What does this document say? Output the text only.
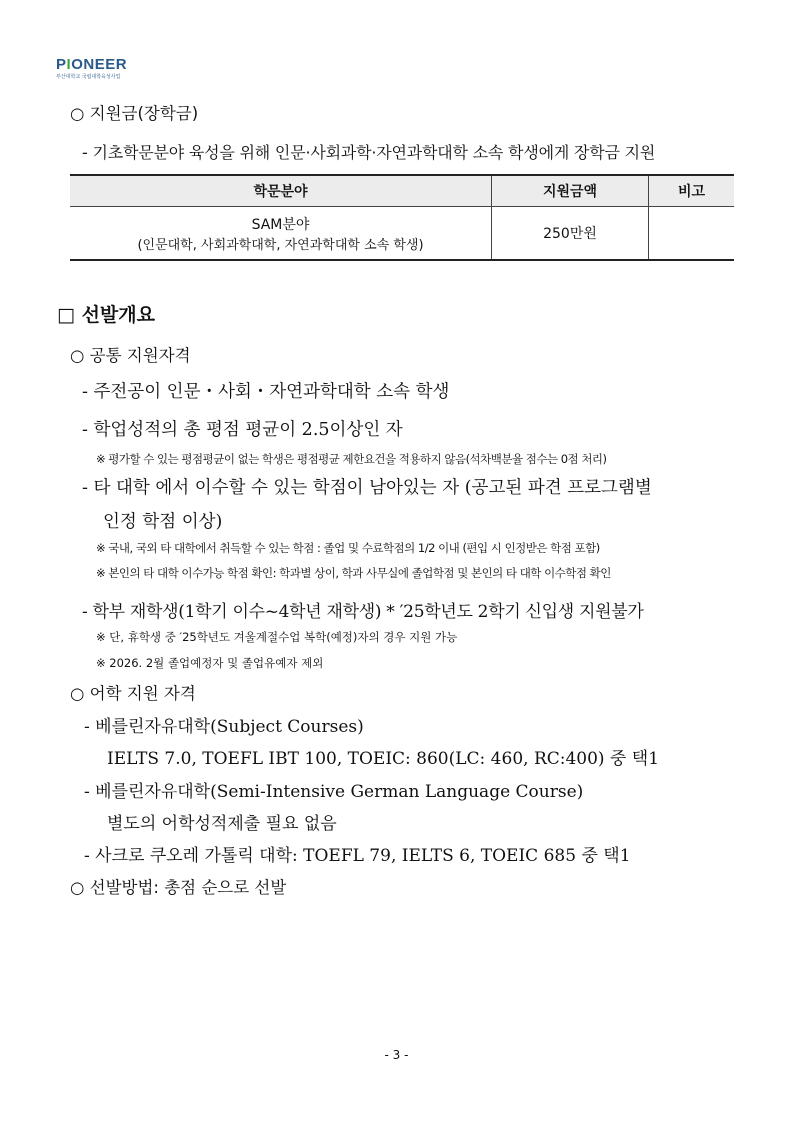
PIONEER
부산대학교 국립대학육성사업
○ 지원금(장학금)
- 기초학문분야 육성을 위해 인문·사회과학·자연과학대학 소속 학생에게 장학금 지원
학문분야	지원금액	비고

SAM분야
(인문대학, 사회과학대학, 자연과학대학 소속 학생)	250만원	
□ 선발개요
○ 공통 지원자격
- 주전공이 인문・사회・자연과학대학 소속 학생
- 학업성적의 총 평점 평균이 2.5이상인 자
※ 평가할 수 있는 평점평균이 없는 학생은 평점평균 제한요건을 적용하지 않음(석차백분율 점수는 0점 처리)
- 타 대학 에서 이수할 수 있는 학점이 남아있는 자 (공고된 파견 프로그램별
인정 학점 이상)
※ 국내, 국외 타 대학에서 취득할 수 있는 학점 : 졸업 및 수료학점의 1/2 이내 (편입 시 인정받은 학점 포함)
※ 본인의 타 대학 이수가능 학점 확인: 학과별 상이, 학과 사무실에 졸업학점 및 본인의 타 대학 이수학점 확인
- 학부 재학생(1학기 이수~4학년 재학생) * ′25학년도 2학기 신입생 지원불가
※ 단, 휴학생 중 ′25학년도 겨울계절수업 복학(예정)자의 경우 지원 가능
※ 2026. 2월 졸업예정자 및 졸업유예자 제외
○ 어학 지원 자격
- 베를린자유대학(Subject Courses)
IELTS 7.0, TOEFL IBT 100, TOEIC: 860(LC: 460, RC:400) 중 택1
- 베를린자유대학(Semi-Intensive German Language Course)
별도의 어학성적제출 필요 없음
- 사크로 쿠오레 가톨릭 대학: TOEFL 79, IELTS 6, TOEIC 685 중 택1
○ 선발방법: 총점 순으로 선발
- 3 -
